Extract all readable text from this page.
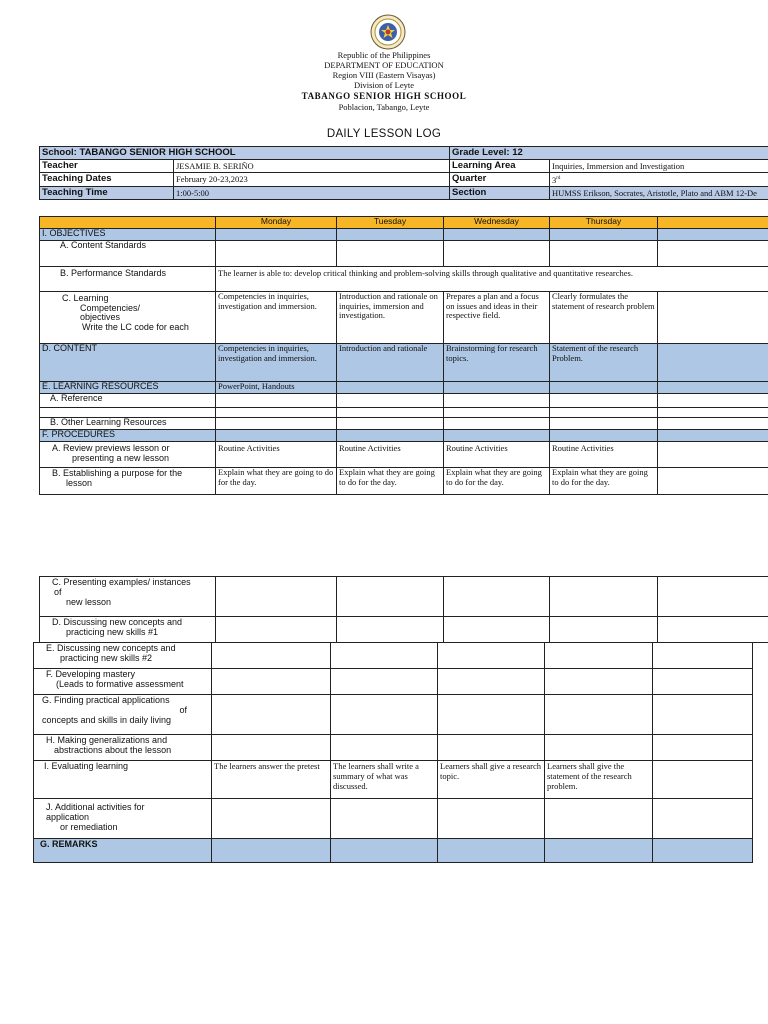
Republic of the Philippines
DEPARTMENT OF EDUCATION
Region VIII (Eastern Visayas)
Division of Leyte
TABANGO SENIOR HIGH SCHOOL
Poblacion, Tabango, Leyte
DAILY LESSON LOG
School: TABANGO SENIOR HIGH SCHOOL		Grade Level: 12	
Teacher	JESAMIE B. SERIÑO	Learning Area	Inquiries, Immersion and Investigation
Teaching Dates	February 20-23,2023	Quarter	3rd
Teaching Time	1:00-5:00	Section	HUMSS Erikson, Socrates, Aristotle, Plato and ABM 12-De
	Monday	Tuesday	Wednesday	Thursday	
I. OBJECTIVES					
A. Content Standards					
B. Performance Standards	The learner is able to: develop critical thinking and problem-solving skills through qualitative and quantitative researches.				

C. Learning
Competencies/
objectives
Write the LC code for each	Competencies in inquiries, investigation and immersion.	Introduction and rationale on inquiries, immersion and investigation.	Prepares a plan and a focus on issues and ideas in their respective field.	Clearly formulates the statement of research problem	
D. CONTENT	Competencies in inquiries, investigation and immersion.	Introduction and rationale	Brainstorming for research topics.	Statement of the research Problem.	
E. LEARNING RESOURCES	PowerPoint, Handouts				
A. Reference					

B. Other Learning Resources					
F. PROCEDURES					

A. Review previews lesson or
presenting a new lesson	Routine Activities	Routine Activities	Routine Activities	Routine Activities	

B. Establishing a purpose for the
lesson	Explain what they are going to do for the day.	Explain what they are going to do for the day.	Explain what they are going to do for the day.	Explain what they are going to do for the day.	
C. Presenting examples/ instances
of
new lesson					

D. Discussing new concepts and
practicing new skills #1					

E. Discussing new concepts and
practicing new skills #2					

F. Developing mastery
(Leads to formative assessment					

G. Finding practical applications
of
concepts and skills in daily living					

H. Making generalizations and
abstractions about the lesson					

I. Evaluating learning	The learners answer the pretest	The learners shall write a summary of what was discussed.	Learners shall give a research topic.	Learners shall give the statement of the research problem.	

J. Additional activities for
application
or remediation					

G. REMARKS					
